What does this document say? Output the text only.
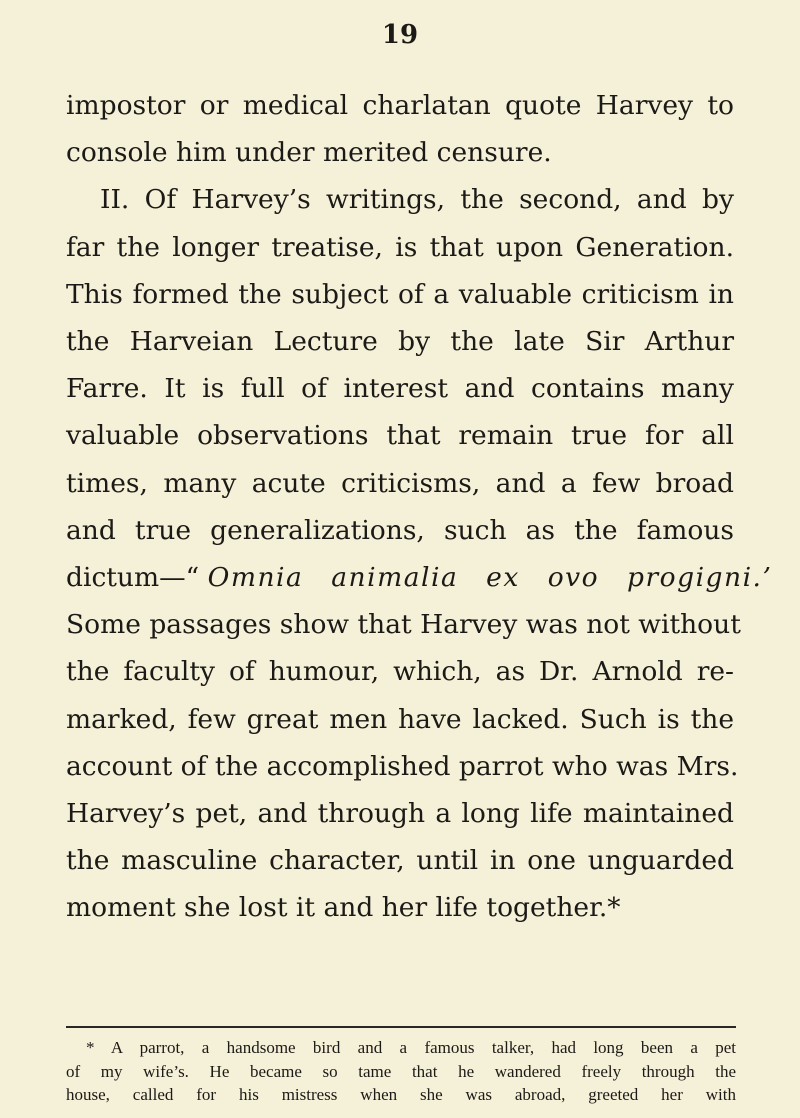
19

impostor or medical charlatan quote Harvey to
console him under merited censure.

II. Of Harvey’s writings, the second, and by
far the longer treatise, is that upon Generation.
This formed the subject of a valuable criticism in
the Harveian Lecture by the late Sir Arthur
Farre. It is full of interest and contains many
valuable observations that remain true for all
times, many acute criticisms, and a few broad
and true generalizations, such as the famous
dictum—“ Omnia animalia ex ovo progigni.’
Some passages show that Harvey was not without
the faculty of humour, which, as Dr. Arnold re-
marked, few great men have lacked. Such is the
account of the accomplished parrot who was Mrs.
Harvey’s pet, and through a long life maintained
the masculine character, until in one unguarded
moment she lost it and her life together.*

* A parrot, a handsome bird and a famous talker, had long been a pet
of my wife’s. He became so tame that he wandered freely through the
house, called for his mistress when she was abroad, greeted her with
